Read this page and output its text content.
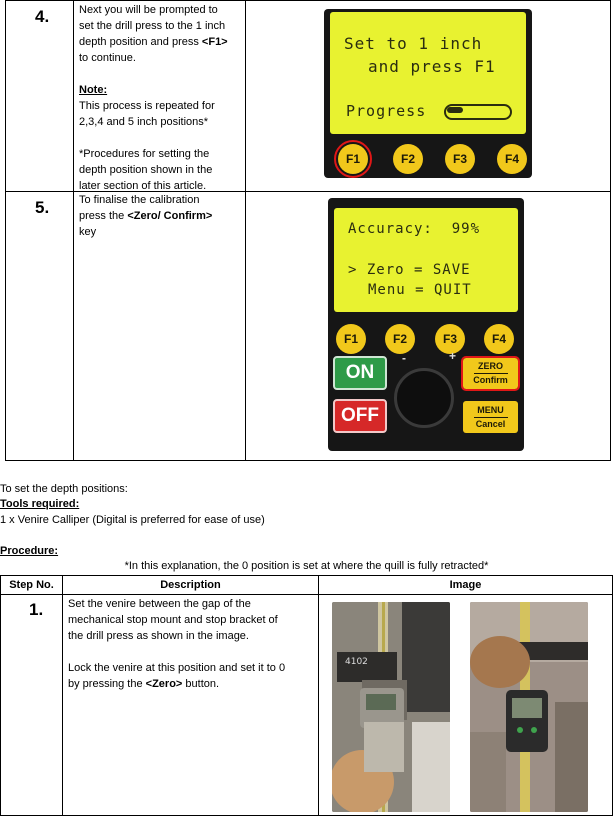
4.	Next you will be prompted to
set the drill press to the 1 inch
depth position and press <F1>
to continue.
Note:
This process is repeated for
2,3,4 and 5 inch positions*
*Procedures for setting the
depth position shown in the
later section of this article.
Set to 1 inch
and press F1
Progress
F1	F2	F3	F4
5.	To finalise the calibration
press the <Zero/ Confirm>
key	Accuracy:  99%
> Zero = SAVE
Menu = QUIT
F1	F2	F3	F4
ON
OFF
-	+
ZERO
Confirm
MENU
Cancel
To set the depth positions:
Tools required:
1 x Venire Calliper (Digital is preferred for ease of use)
Procedure:
*In this explanation, the 0 position is set at where the quill is fully retracted*
Step No.	Description	Image
1. Set the venire between the gap of the
mechanical stop mount and stop bracket of
the drill press as shown in the image.
Lock the venire at this position and set it to 0
by pressing the <Zero> button.
4102
